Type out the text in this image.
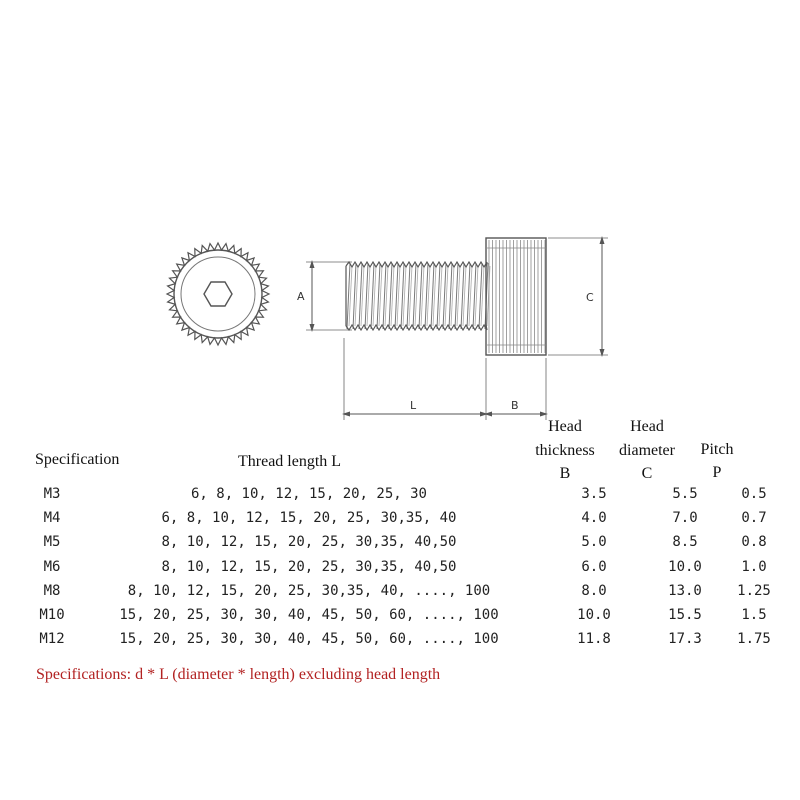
A	C
L	B
Specification	Thread length L
Head
thickness
B
Head
diameter
C
Pitch
P
M3	6, 8, 10, 12, 15, 20, 25, 30	3.5	5.5	0.5
M4	6, 8, 10, 12, 15, 20, 25, 30,35, 40	4.0	7.0	0.7
M5	8, 10, 12, 15, 20, 25, 30,35, 40,50	5.0	8.5	0.8
M6	8, 10, 12, 15, 20, 25, 30,35, 40,50	6.0	10.0	1.0
M8	8, 10, 12, 15, 20, 25, 30,35, 40, ...., 100	8.0	13.0	1.25
M10	15, 20, 25, 30, 30, 40, 45, 50, 60, ...., 100	10.0	15.5	1.5
M12	15, 20, 25, 30, 30, 40, 45, 50, 60, ...., 100	11.8	17.3	1.75
Specifications: d * L (diameter * length) excluding head length
